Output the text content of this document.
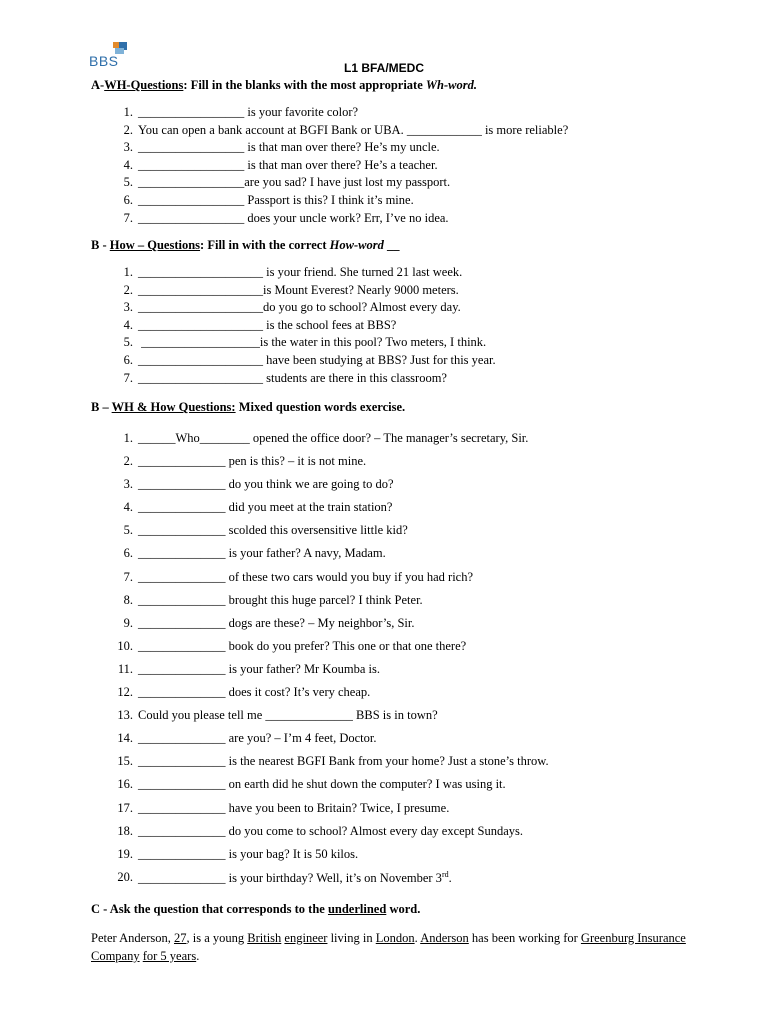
BBS	L1 BFA/MEDC
A-WH-Questions: Fill in the blanks with the most appropriate Wh-word.
1. _________________ is your favorite color?
2. You can open a bank account at BGFI Bank or UBA. ____________ is more reliable?
3. _________________ is that man over there? He’s my uncle.
4. _________________ is that man over there? He’s a teacher.
5. _________________are you sad? I have just lost my passport.
6. _________________ Passport is this? I think it’s mine.
7. _________________ does your uncle work? Err, I’ve no idea.
B - How – Questions: Fill in with the correct How-word __
1. ____________________ is your friend. She turned 21 last week.
2. ____________________is Mount Everest? Nearly 9000 meters.
3. ____________________do you go to school? Almost every day.
4. ____________________ is the school fees at BBS?
5. ___________________is the water in this pool? Two meters, I think.
6. ____________________ have been studying at BBS? Just for this year.
7. ____________________ students are there in this classroom?
B – WH & How Questions: Mixed question words exercise.
1. ______Who________ opened the office door? – The manager’s secretary, Sir.
2. ______________ pen is this? – it is not mine.
3. ______________ do you think we are going to do?
4. ______________ did you meet at the train station?
5. ______________ scolded this oversensitive little kid?
6. ______________ is your father? A navy, Madam.
7. ______________ of these two cars would you buy if you had rich?
8. ______________ brought this huge parcel? I think Peter.
9. ______________ dogs are these? – My neighbor’s, Sir.
10. ______________ book do you prefer? This one or that one there?
11. ______________ is your father? Mr Koumba is.
12. ______________ does it cost? It’s very cheap.
13. Could you please tell me ______________ BBS is in town?
14. ______________ are you? – I’m 4 feet, Doctor.
15. ______________ is the nearest BGFI Bank from your home? Just a stone’s throw.
16. ______________ on earth did he shut down the computer? I was using it.
17. ______________ have you been to Britain? Twice, I presume.
18. ______________ do you come to school? Almost every day except Sundays.
19. ______________ is your bag? It is 50 kilos.
20. ______________ is your birthday? Well, it’s on November 3rd.
C - Ask the question that corresponds to the underlined word.
Peter Anderson, 27, is a young British engineer living in London. Anderson has been working for Greenburg Insurance Company for 5 years.
